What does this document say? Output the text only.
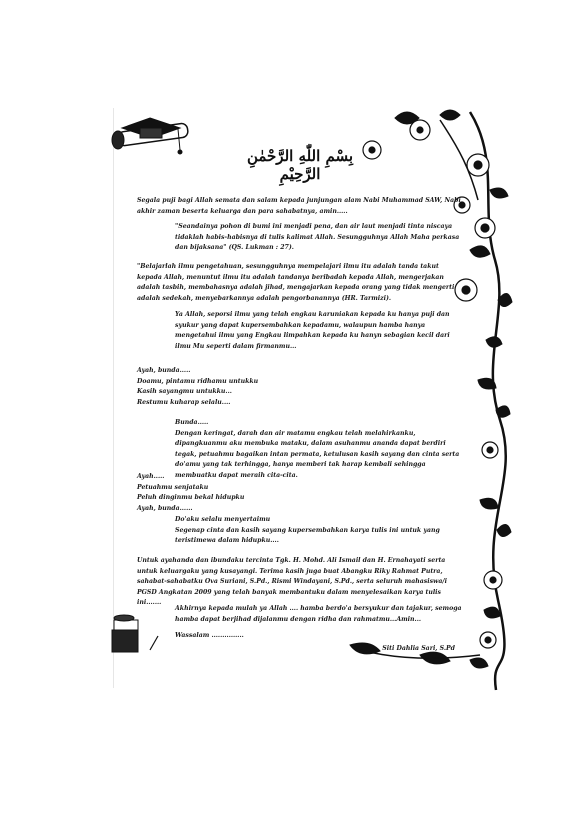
بِسْمِ اللّٰهِ الرَّحْمٰنِ الرَّحِيْمِ
Segala puji bagi Allah semata dan salam kepada junjungan alam Nabi Muhammad SAW, Nabi akhir zaman beserta keluarga dan para sahabatnya, amin.....
"Seandainya pohon di bumi ini menjadi pena, dan air laut menjadi tinta niscaya tidaklah habis-habisnya di tulis kalimat Allah. Sesungguhnya Allah Maha perkasa dan bijaksana" (QS. Lukman : 27).
"Belajarlah ilmu pengetahuan, sesungguhnya mempelajari ilmu itu adalah tanda takut kepada Allah, menuntut ilmu itu adalah tandanya beribadah kepada Allah, mengerjakan adalah tasbih, membahasnya adalah jihad, mengajarkan kepada orang yang tidak mengerti adalah sedekah, menyebarkannya adalah pengorbanannya (HR. Tarmizi).
Ya Allah, seporsi ilmu yang telah engkau karuniakan kepada ku hanya puji dan syukur yang dapat kupersembahkan kepadamu, walaupun hamba hanya mengetahui ilmu yang Engkau limpahkan kepada ku hanyn sebagian kecil dari ilmu Mu seperti dalam firmanmu...
Ayah, bunda.....
Doamu, pintamu ridhamu untukku
Kasih sayangmu untukku...
Restumu kuharap selalu....
Bunda.....
Dengan keringat, darah dan air matamu engkau telah melahirkanku, dipangkuanmu aku membuka mataku, dalam asuhanmu ananda dapat berdiri tegak, petuahmu bagaikan intan permata, ketulusan kasih sayang dan cinta serta do'amu yang tak terhingga, hanya memberi tak harap kembali sehingga membuatku dapat meraih cita-cita.
Ayah.....
Petuahmu senjataku
Peluh dinginmu bekal hidupku
Ayah, bunda......
Do'aku selalu menyertaimu
Segenap cinta dan kasih sayang kupersembahkan karya tulis ini untuk yang teristimewa dalam hidupku....
Untuk ayahanda dan ibundaku tercinta Tgk. H. Mohd. Ali Ismail dan H. Ernahayati serta untuk keluargaku yang kusayangi. Terima kasih juga buat Abangku Riky Rahmat Putra, sahabat-sahabatku Ova Suriani, S.Pd., Rismi Windayani, S.Pd., serta seluruh mahasiswa/i PGSD Angkatan 2009 yang telah banyak membantuku dalam menyelesaikan karya tulis ini.......
Akhirnya kepada mulah ya Allah .... hamba berdo'a bersyukur dan tajakur, semoga hamba dapat berjihad dijalanmu dengan ridha dan rahmatmu...Amin...
Wassalam ...............
Siti Dahlia Sari, S.Pd
